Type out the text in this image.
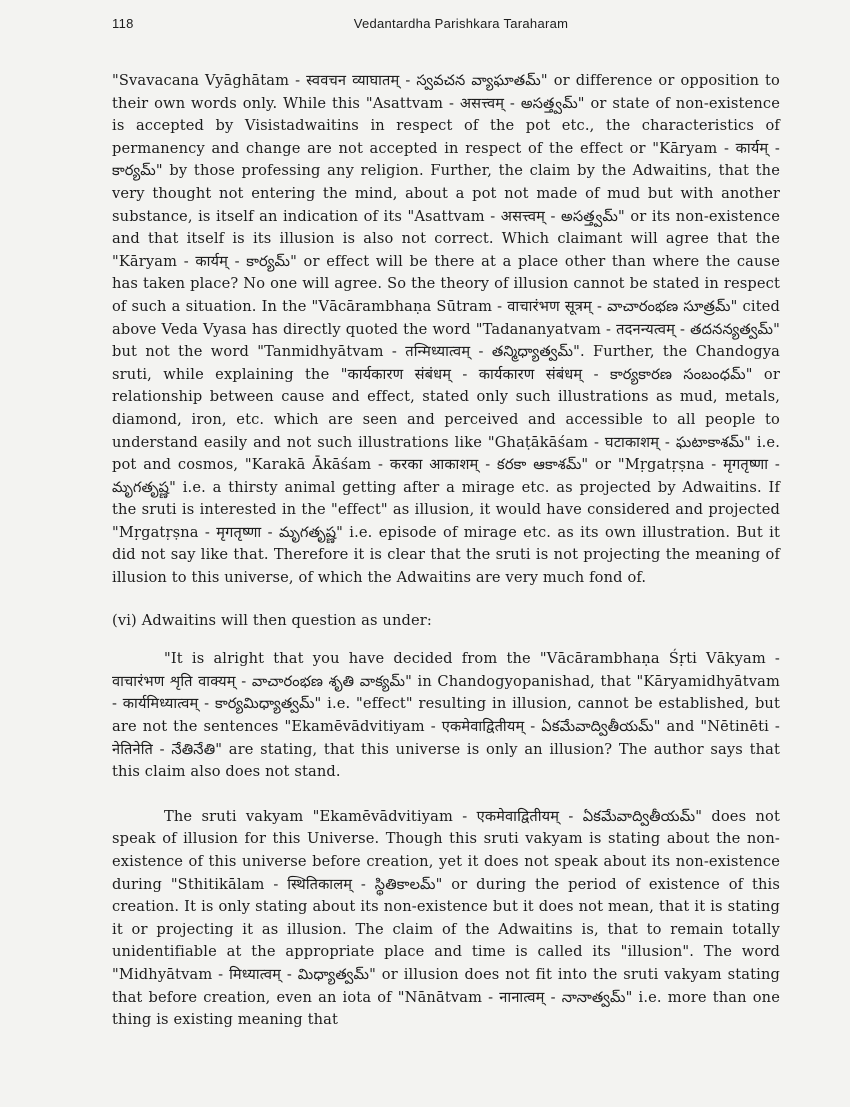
118	Vedantardha Parishkara Taraharam

"Svavacana Vyāghātam - स्ववचन व्याघातम् - స్వవచన వ్యాఘాతమ్" or difference or opposition to their own words only. While this "Asattvam - असत्त्वम् - అసత్త్వమ్" or state of non-existence is accepted by Visistadwaitins in respect of the pot etc., the characteristics of permanency and change are not accepted in respect of the effect or "Kāryam - कार्यम् - కార్యమ్" by those professing any religion. Further, the claim by the Adwaitins, that the very thought not entering the mind, about a pot not made of mud but with another substance, is itself an indication of its "Asattvam - असत्त्वम् - అసత్త్వమ్" or its non-existence and that itself is its illusion is also not correct. Which claimant will agree that the "Kāryam - कार्यम् - కార్యమ్" or effect will be there at a place other than where the cause has taken place? No one will agree. So the theory of illusion cannot be stated in respect of such a situation. In the "Vācārambhaṇa Sūtram - वाचारंभण सूत्रम् - వాచారంభణ సూత్రమ్" cited above Veda Vyasa has directly quoted the word "Tadananyatvam - तदनन्यत्वम् - తదనన్యత్వమ్" but not the word "Tanmidhyātvam - तन्मिध्यात्वम् - తన్మిధ్యాత్వమ్". Further, the Chandogya sruti, while explaining the "कार्यकारण संबंधम् - कार्यकारण संबंधम् - కార్యకారణ సంబంధమ్" or relationship between cause and effect, stated only such illustrations as mud, metals, diamond, iron, etc. which are seen and perceived and accessible to all people to understand easily and not such illustrations like "Ghaṭākāśam - घटाकाशम् - ఘటాకాశమ్" i.e. pot and cosmos, "Karakā Ākāśam - करका आकाशम् - కరకా ఆకాశమ్" or "Mṛgatṛṣna - मृगतृष्णा - మృగతృష్ణ" i.e. a thirsty animal getting after a mirage etc. as projected by Adwaitins. If the sruti is interested in the "effect" as illusion, it would have considered and projected "Mṛgatṛṣna - मृगतृष्णा - మృగతృష్ణ" i.e. episode of mirage etc. as its own illustration. But it did not say like that. Therefore it is clear that the sruti is not projecting the meaning of illusion to this universe, of which the Adwaitins are very much fond of.

(vi) Adwaitins will then question as under:

"It is alright that you have decided from the "Vācārambhaṇa Śṛti Vākyam - वाचारंभण शृति वाक्यम् - వాచారంభణ శృతి వాక్యమ్" in Chandogyopanishad, that "Kāryamidhyātvam - कार्यमिध्यात्वम् - కార్యమిధ్యాత్వమ్" i.e. "effect" resulting in illusion, cannot be established, but are not the sentences "Ekamēvādvitiyam - एकमेवाद्वितीयम् - ఏకమేవాద్వితీయమ్" and "Nētinēti - नेतिनेति - నేతినేతి" are stating, that this universe is only an illusion? The author says that this claim also does not stand.

The sruti vakyam "Ekamēvādvitiyam - एकमेवाद्वितीयम् - ఏకమేవాద్వితీయమ్" does not speak of illusion for this Universe. Though this sruti vakyam is stating about the non-existence of this universe before creation, yet it does not speak about its non-existence during "Sthitikālam - स्थितिकालम् - స్థితికాలమ్" or during the period of existence of this creation. It is only stating about its non-existence but it does not mean, that it is stating it or projecting it as illusion. The claim of the Adwaitins is, that to remain totally unidentifiable at the appropriate place and time is called its "illusion". The word "Midhyātvam - मिध्यात्वम् - మిధ్యాత్వమ్" or illusion does not fit into the sruti vakyam stating that before creation, even an iota of "Nānātvam - नानात्वम् - నానాత్వమ్" i.e. more than one thing is existing meaning that
